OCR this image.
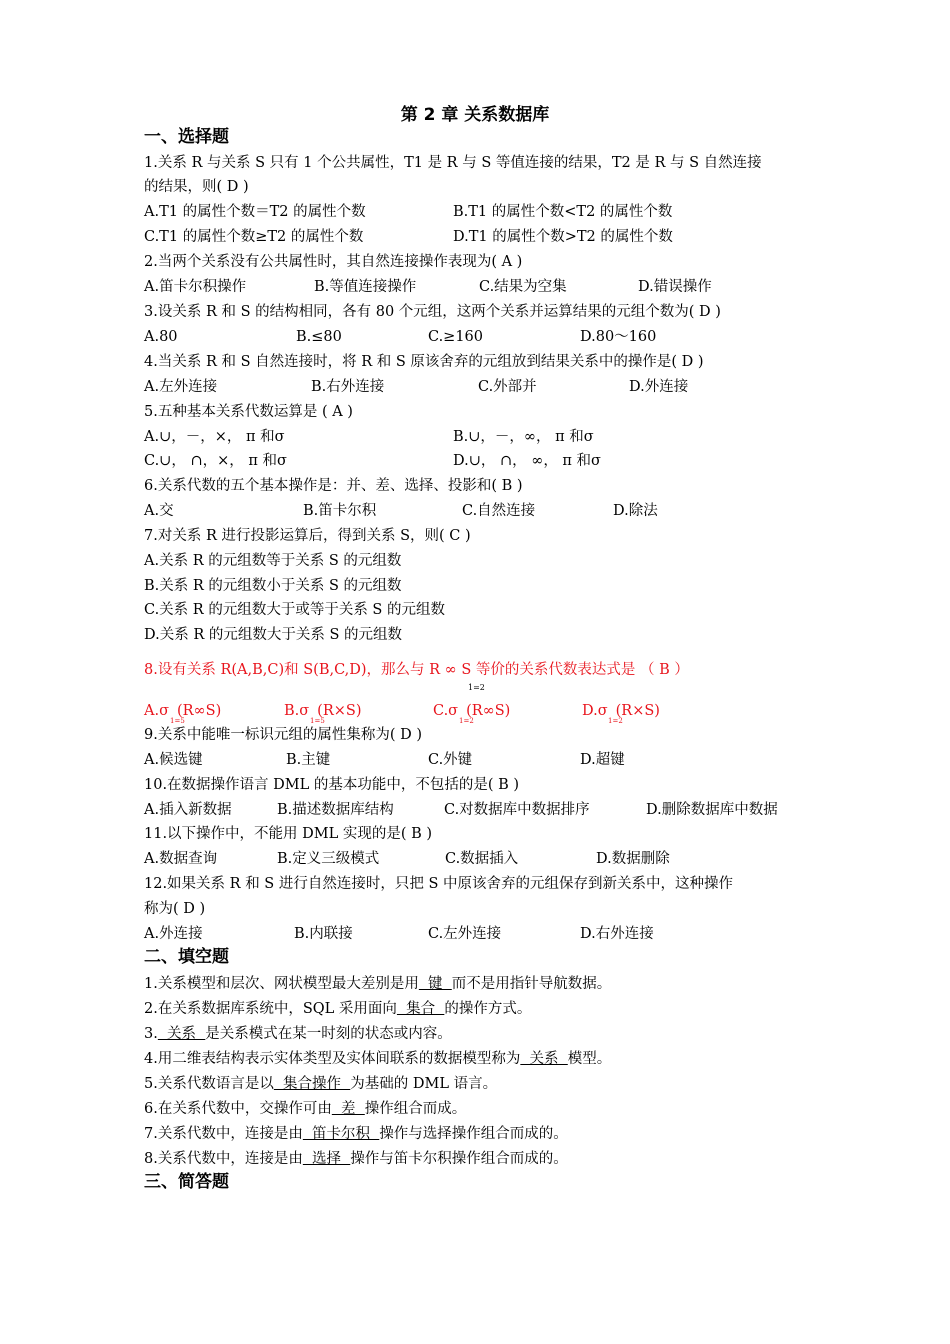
第 2 章 关系数据库
一、选择题
1.关系 R 与关系 S 只有 1 个公共属性，T1 是 R 与 S 等值连接的结果，T2 是 R 与 S 自然连接
的结果，则( D )
A.T1 的属性个数＝T2 的属性个数	B.T1 的属性个数<T2 的属性个数
C.T1 的属性个数≥T2 的属性个数	D.T1 的属性个数>T2 的属性个数
2.当两个关系没有公共属性时，其自然连接操作表现为( A )
A.笛卡尔积操作	B.等值连接操作	C.结果为空集	D.错误操作
3.设关系 R 和 S 的结构相同，各有 80 个元组，这两个关系并运算结果的元组个数为( D )
A.80	B.≤80	C.≥160	D.80～160
4.当关系 R 和 S 自然连接时，将 R 和 S 原该舍弃的元组放到结果关系中的操作是( D )
A.左外连接	B.右外连接	C.外部并	D.外连接
5.五种基本关系代数运算是 ( A )
A.∪，－，×， π 和σ	B.∪，－，∞， π 和σ
C.∪， ∩，×， π 和σ	D.∪， ∩， ∞， π 和σ
6.关系代数的五个基本操作是：并、差、选择、投影和( B )
A.交	B.笛卡尔积	C.自然连接	D.除法
7.对关系 R 进行投影运算后，得到关系 S，则( C )
A.关系 R 的元组数等于关系 S 的元组数
B.关系 R 的元组数小于关系 S 的元组数
C.关系 R 的元组数大于或等于关系 S 的元组数
D.关系 R 的元组数大于关系 S 的元组数
8.设有关系 R(A,B,C)和 S(B,C,D)，那么与 R ∞ S 等价的关系代数表达式是 （ B ）
1=2
A.σ (R∞S)
1=5
B.σ (R×S)
1=5
C.σ (R∞S)
1=2
D.σ (R×S)
1=2
9.关系中能唯一标识元组的属性集称为( D )
A.候选键	B.主键	C.外键	D.超键
10.在数据操作语言 DML 的基本功能中，不包括的是( B )
A.插入新数据	B.描述数据库结构	C.对数据库中数据排序	D.删除数据库中数据
11.以下操作中，不能用 DML 实现的是( B )
A.数据查询	B.定义三级模式	C.数据插入	D.数据删除
12.如果关系 R 和 S 进行自然连接时，只把 S 中原该舍弃的元组保存到新关系中，这种操作
称为( D )
A.外连接	B.内联接	C.左外连接	D.右外连接
二、填空题
1.关系模型和层次、网状模型最大差别是用  键  而不是用指针导航数据。
2.在关系数据库系统中，SQL 采用面向  集合  的操作方式。
3.  关系  是关系模式在某一时刻的状态或内容。
4.用二维表结构表示实体类型及实体间联系的数据模型称为  关系  模型。
5.关系代数语言是以  集合操作  为基础的 DML 语言。
6.在关系代数中，交操作可由  差  操作组合而成。
7.关系代数中，连接是由  笛卡尔积  操作与选择操作组合而成的。
8.关系代数中，连接是由  选择  操作与笛卡尔积操作组合而成的。
三、简答题
